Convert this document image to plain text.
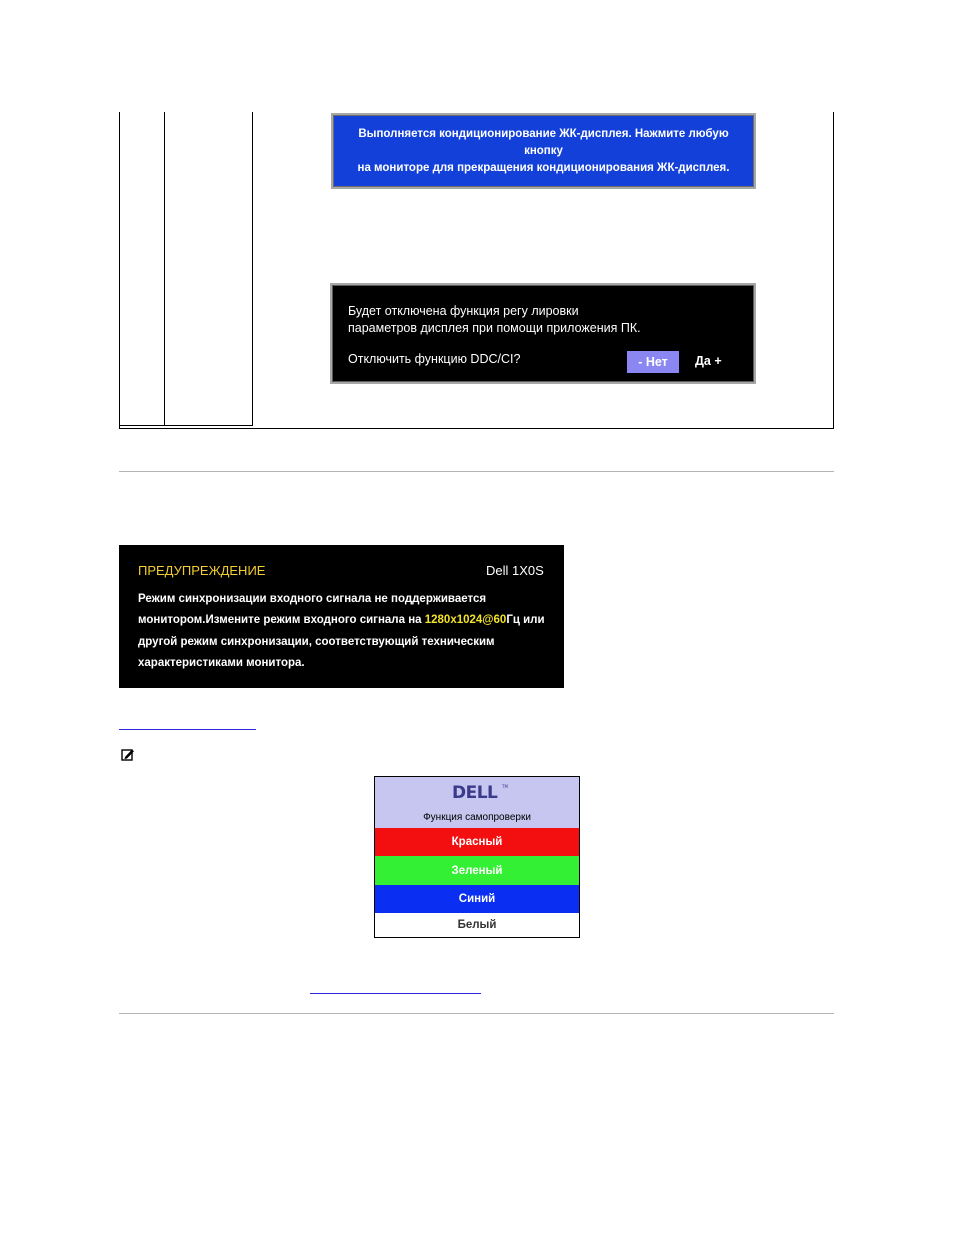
Выполняется кондиционирование ЖК-дисплея. Нажмите любую кнопку
на мониторе для прекращения кондиционирования ЖК-дисплея.
Будет отключена функция регу лировки
параметров дисплея при помощи приложения ПК.
Отключить функцию DDC/CI?	- Нет	Да +
ПРЕДУПРЕЖДЕНИЕ	Dell 1X0S
Режим синхронизации входного сигнала не поддерживается
монитором.Измените режим входного сигнала на 1280x1024@60Гц или
другой режим синхронизации, соответствующий техническим
характеристиками монитора.
DELL TM
Функция самопроверки
Красный
Зеленый
Синий
Белый
